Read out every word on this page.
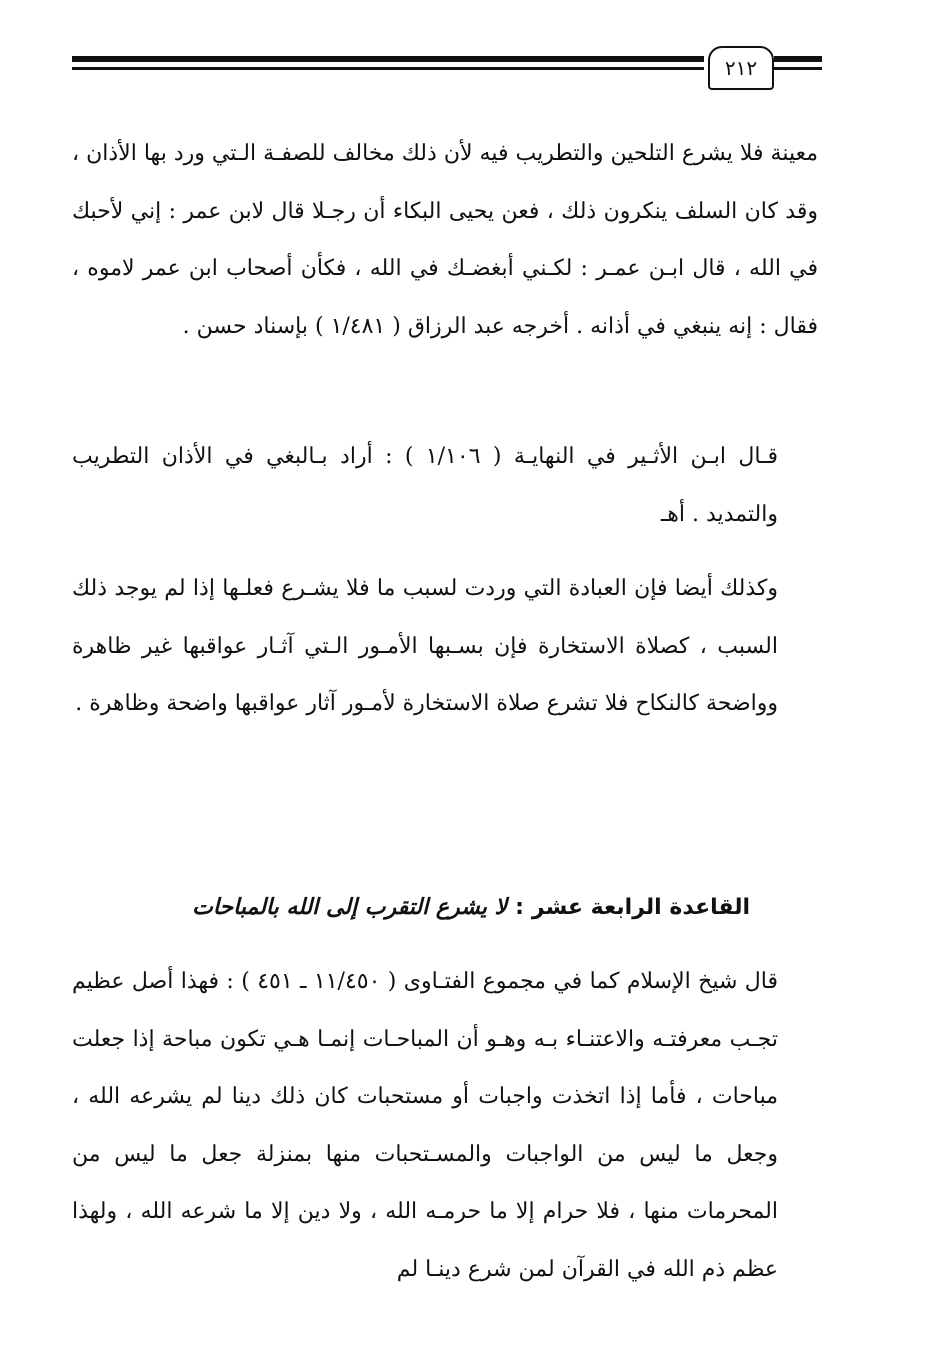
٢١٢

معينة فلا يشرع التلحين والتطريب فيه لأن ذلك مخالف للصفـة الـتي ورد بها الأذان ، وقد كان السلف ينكرون ذلك ، فعن يحيى البكاء أن رجـلا قال لابن عمر : إني لأحبك في الله ، قال ابـن عمـر : لكـني أبغضـك في الله ، فكأن أصحاب ابن عمر لاموه ، فقال : إنه ينبغي في أذانه . أخرجه عبد الرزاق ( ١/٤٨١ ) بإسناد حسن .

قـال ابـن الأثـير في النهايـة ( ١/١٠٦ ) : أراد بـالبغي في الأذان التطريب والتمديد . أهـ

وكذلك أيضا فإن العبادة التي وردت لسبب ما فلا يشـرع فعلـها إذا لم يوجد ذلك السبب ، كصلاة الاستخارة فإن بسـبها الأمـور الـتي آثـار عواقبها غير ظاهرة وواضحة كالنكاح فلا تشرع صلاة الاستخارة لأمـور آثار عواقبها واضحة وظاهرة .

القاعدة الرابعة عشر:لا يشرع التقرب إلى الله بالمباحات

قال شيخ الإسلام كما في مجموع الفتـاوى ( ١١/٤٥٠ ـ ٤٥١ ) : فهذا أصل عظيم تجـب معرفتـه والاعتنـاء بـه وهـو أن المباحـات إنمـا هـي تكون مباحة إذا جعلت مباحات ، فأما إذا اتخذت واجبات أو مستحبات كان ذلك دينا لم يشرعه الله ، وجعل ما ليس من الواجبات والمسـتحبات منها بمنزلة جعل ما ليس من المحرمات منها ، فلا حرام إلا ما حرمـه الله ، ولا دين إلا ما شرعه الله ، ولهذا عظم ذم الله في القرآن لمن شرع دينـا لم
